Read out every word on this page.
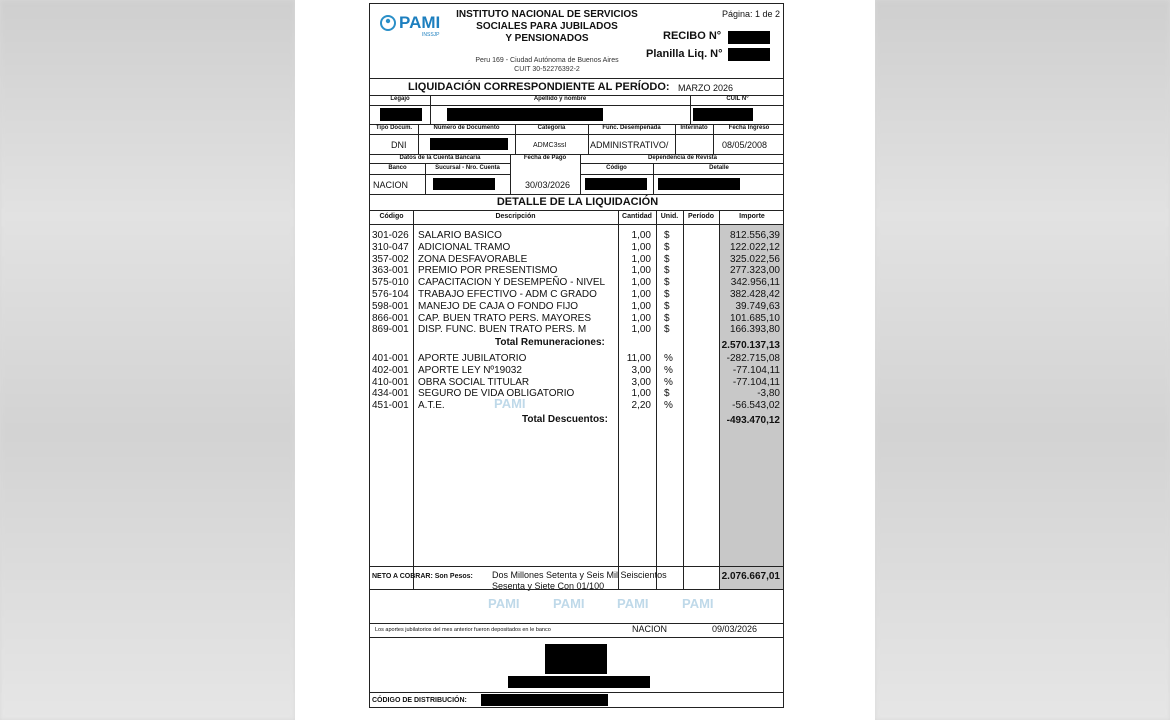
PAMI
INSSJP
INSTITUTO NACIONAL DE SERVICIOS
SOCIALES PARA JUBILADOS
Y PENSIONADOS
Peru 169 - Ciudad Autónoma de Buenos Aires
CUIT 30-52276392-2
Página: 1 de 2
RECIBO N°
Planilla Liq. N°
LIQUIDACIÓN CORRESPONDIENTE AL PERÍODO: MARZO 2026
Legajo	Apellido y nombre	CUIL N°
Tipo Docum.	Número de Documento	Categoría	Func. Desempeñada	Interinato	Fecha Ingreso
DNI	ADMC3ssI	ADMINISTRATIVO/	08/05/2008
Datos de la Cuenta Bancaria	Fecha de Pago	Dependencia de Revista
Banco	Sucursal - Nro. Cuenta	Código	Detalle
NACION	30/03/2026
DETALLE DE LA LIQUIDACIÓN
Código	Descripción	Cantidad	Unid.	Período	Importe
301-026 SALARIO BASICO	1,00 $	812.556,39
310-047 ADICIONAL TRAMO	1,00 $	122.022,12
357-002 ZONA DESFAVORABLE	1,00 $	325.022,56
363-001 PREMIO POR PRESENTISMO	1,00 $	277.323,00
575-010 CAPACITACION Y DESEMPEÑO - NIVEL	1,00 $	342.956,11
576-104 TRABAJO EFECTIVO - ADM C GRADO	1,00 $	382.428,42
598-001 MANEJO DE CAJA O FONDO FIJO	1,00 $	39.749,63
866-001 CAP. BUEN TRATO PERS. MAYORES	1,00 $	101.685,10
869-001 DISP. FUNC. BUEN TRATO PERS. M	1,00 $	166.393,80
401-001 APORTE JUBILATORIO	11,00 %	-282.715,08
402-001 APORTE LEY Nº19032	3,00 %	-77.104,11
410-001 OBRA SOCIAL TITULAR	3,00 %	-77.104,11
434-001 SEGURO DE VIDA OBLIGATORIO	1,00 $	-3,80
451-001 A.T.E.	2,20 %	-56.543,02
Total Remuneraciones:	2.570.137,13
Total Descuentos:	-493.470,12
PAMI
PAMI	PAMI PAMI	PAMI
NETO A COBRAR: Son Pesos: Dos Millones Setenta y Seis Mil Seiscientos
Sesenta y Siete Con 01/100
2.076.667,01
Los aportes jubilatorios del mes anterior fueron depositados en le banco	NACION	09/03/2026
CÓDIGO DE DISTRIBUCIÓN:
